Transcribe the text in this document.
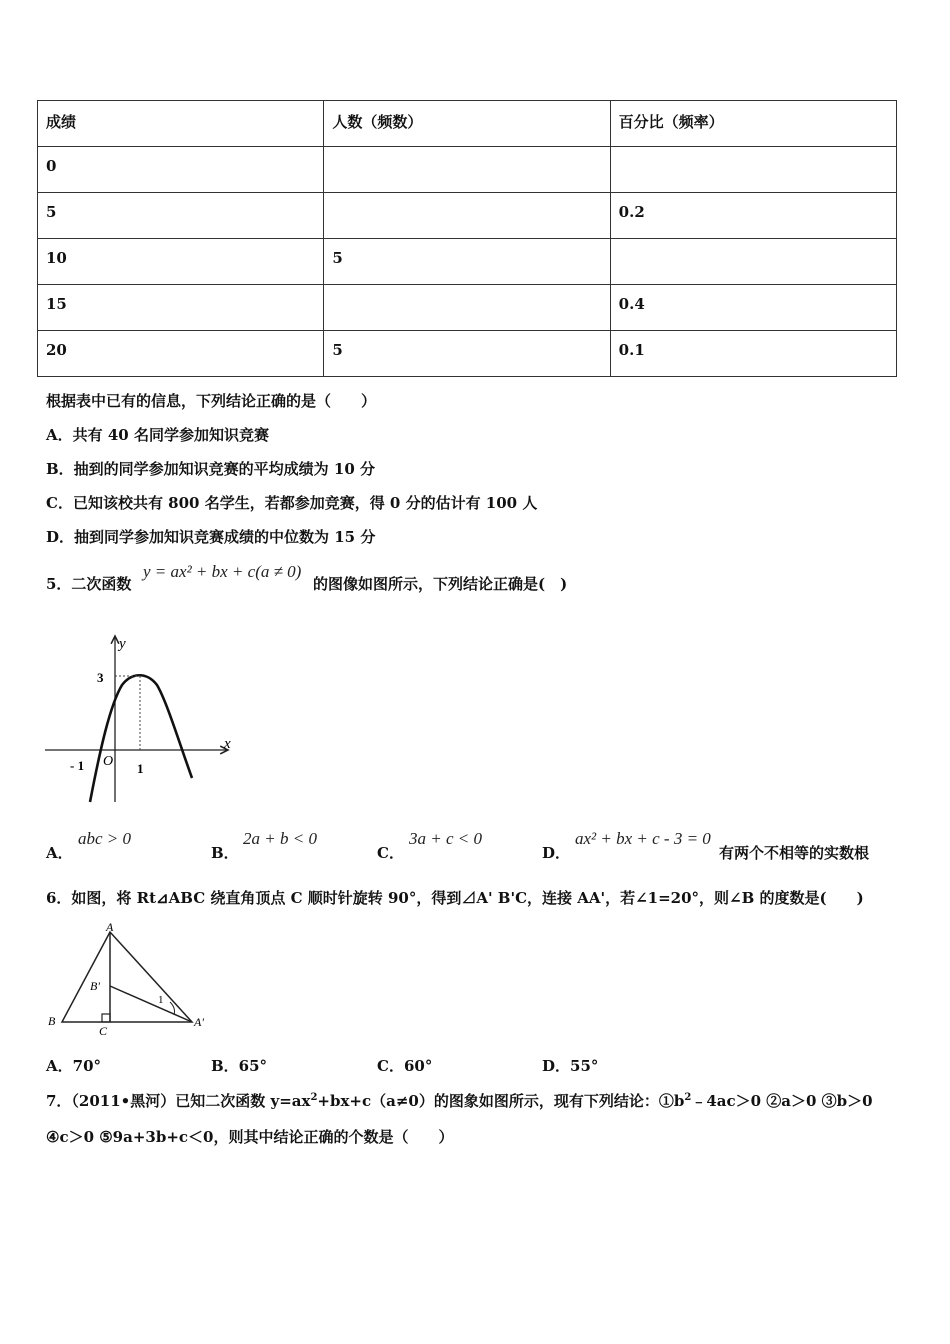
成绩	人数（频数）	百分比（频率）
0		
5		0.2
10	5	
15		0.4
20	5	0.1
根据表中已有的信息，下列结论正确的是（　　）
A．共有 40 名同学参加知识竞赛
B．抽到的同学参加知识竞赛的平均成绩为 10 分
C．已知该校共有 800 名学生，若都参加竞赛，得 0 分的估计有 100 人
D．抽到同学参加知识竞赛成绩的中位数为 15 分
5．二次函数
y = ax² + bx + c(a ≠ 0)
的图像如图所示，下列结论正确是(　)
y
x
3
O
- 1	1
A．
abc > 0
B．
2a + b < 0
C．
3a + c < 0
D．
ax² + bx + c - 3 = 0
有两个不相等的实数根
6．如图，将 Rt⊿ABC 绕直角顶点 C 顺时针旋转 90°，得到⊿A' B'C，连接 AA'，若∠1=20°，则∠B 的度数是(　　)
A
B
C
B'
A'
1
A．70°	B．65°	C．60°	D．55°
7．（2011•黑河）已知二次函数 $y=ax^2+bx+c(a\ne 0)$的图象如图所示，现有下列结论：$①b^2﹣4ac>0$ ②a＞0 ③b＞0
④c＞0 ⑤9a+3b+c＜0，则其中结论正确的个数是（　　）
